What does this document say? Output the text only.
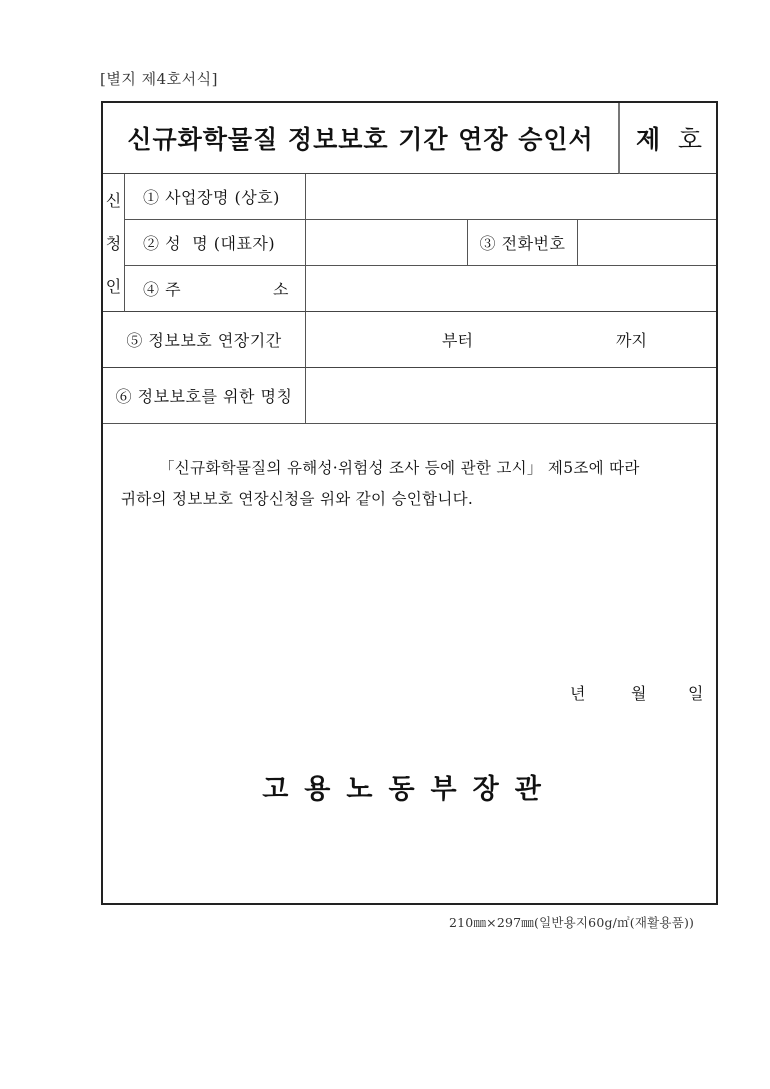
[별지 제4호서식]
신규화학물질 정보보호 기간 연장 승인서	제 호
신
청
인
① 사업장명 (상호)
② 성  명 (대표자)	③ 전화번호
④ 주	소
⑤ 정보보호 연장기간	부터	까지
⑥ 정보보호를 위한 명칭
「신규화학물질의 유해성·위험성 조사 등에 관한 고시」 제5조에 따라
귀하의 정보보호 연장신청을 위와 같이 승인합니다.
년	월	일
고용노동부장관
210㎜×297㎜(일반용지60g/㎡(재활용품))
